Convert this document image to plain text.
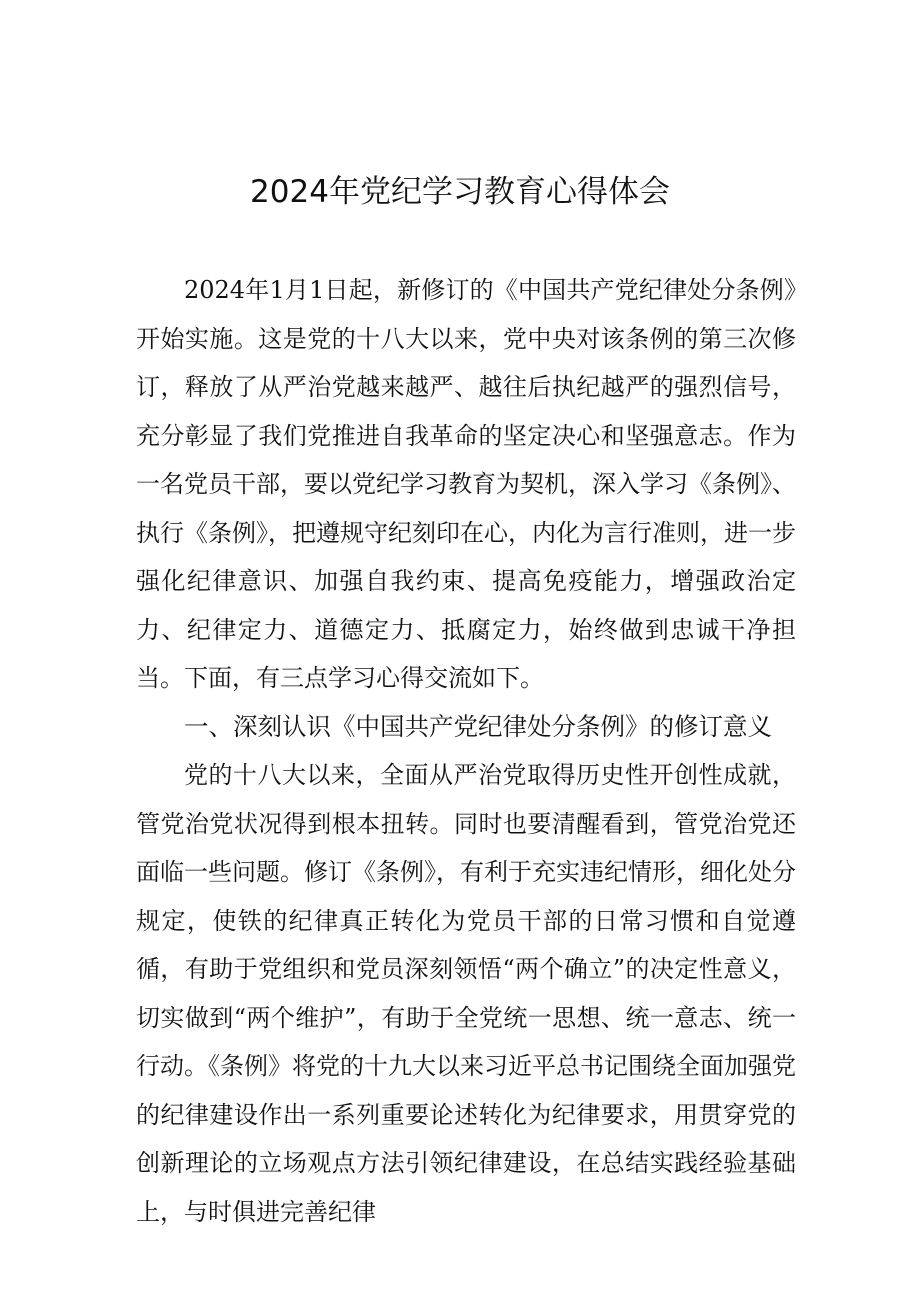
2024年党纪学习教育心得体会

2024年1月1日起，新修订的《中国共产党纪律处分条例》开始实施。这是党的十八大以来，党中央对该条例的第三次修订，释放了从严治党越来越严、越往后执纪越严的强烈信号，充分彰显了我们党推进自我革命的坚定决心和坚强意志。作为一名党员干部，要以党纪学习教育为契机，深入学习《条例》、执行《条例》，把遵规守纪刻印在心，内化为言行准则，进一步强化纪律意识、加强自我约束、提高免疫能力，增强政治定力、纪律定力、道德定力、抵腐定力，始终做到忠诚干净担当。下面，有三点学习心得交流如下。

一、深刻认识《中国共产党纪律处分条例》的修订意义

党的十八大以来，全面从严治党取得历史性开创性成就，管党治党状况得到根本扭转。同时也要清醒看到，管党治党还面临一些问题。修订《条例》，有利于充实违纪情形，细化处分规定，使铁的纪律真正转化为党员干部的日常习惯和自觉遵循，有助于党组织和党员深刻领悟“两个确立”的决定性意义，切实做到“两个维护”，有助于全党统一思想、统一意志、统一行动。《条例》将党的十九大以来习近平总书记围绕全面加强党的纪律建设作出一系列重要论述转化为纪律要求，用贯穿党的创新理论的立场观点方法引领纪律建设，在总结实践经验基础上，与时俱进完善纪律
